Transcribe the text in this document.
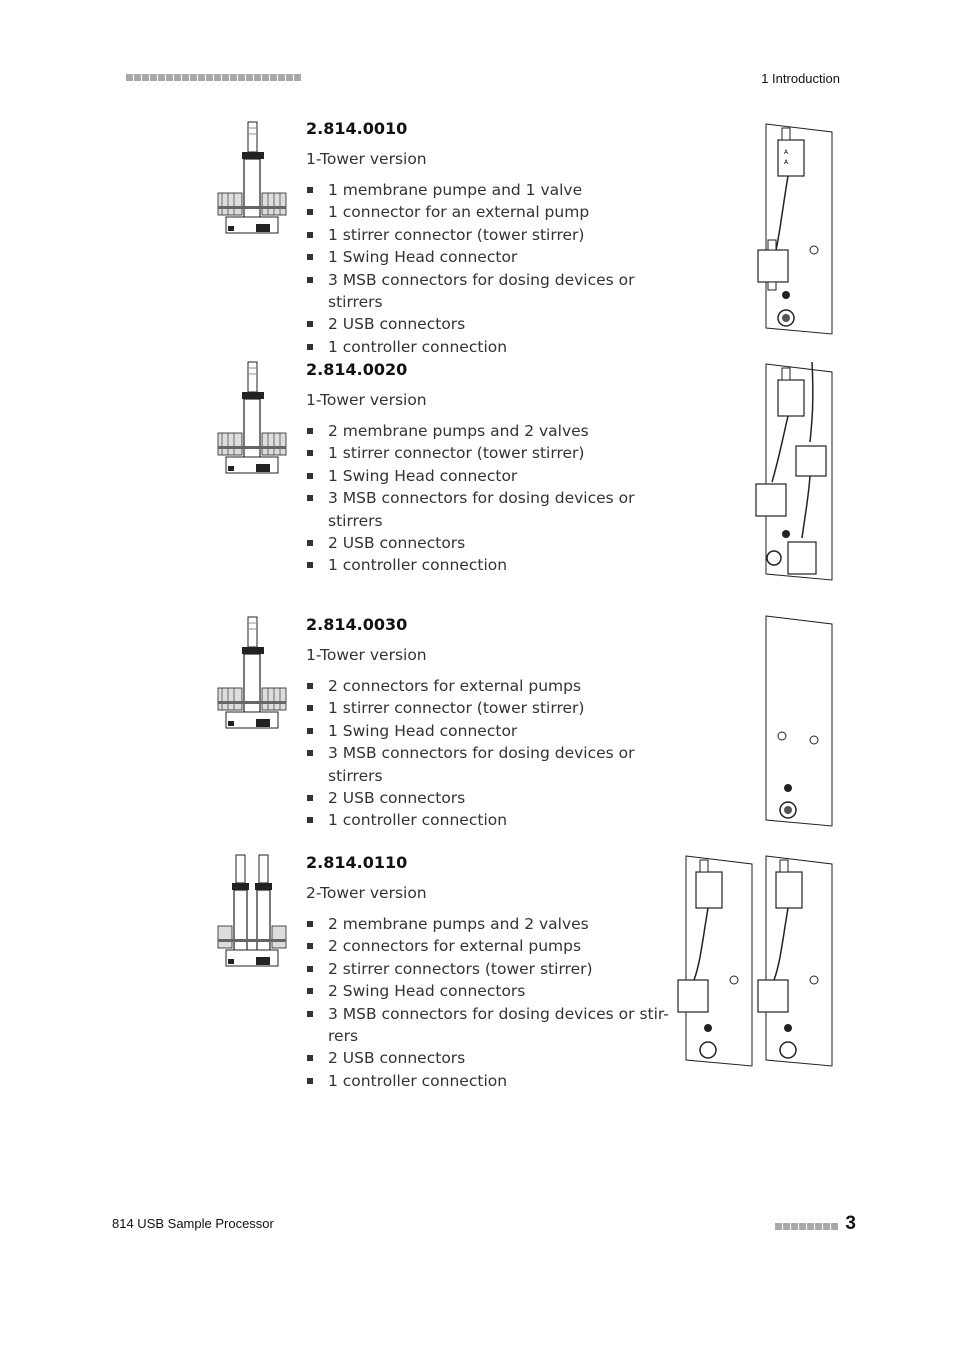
1 Introduction
2.814.0010
1-Tower version
1 membrane pumpe and 1 valve
1 connector for an external pump
1 stirrer connector (tower stirrer)
1 Swing Head connector
3 MSB connectors for dosing devices or stirrers
2 USB connectors
1 controller connection
A
A
2.814.0020
1-Tower version
2 membrane pumps and 2 valves
1 stirrer connector (tower stirrer)
1 Swing Head connector
3 MSB connectors for dosing devices or stirrers
2 USB connectors
1 controller connection
2.814.0030
1-Tower version
2 connectors for external pumps
1 stirrer connector (tower stirrer)
1 Swing Head connector
3 MSB connectors for dosing devices or stirrers
2 USB connectors
1 controller connection
2.814.0110
2-Tower version
2 membrane pumps and 2 valves
2 connectors for external pumps
2 stirrer connectors (tower stirrer)
2 Swing Head connectors
3 MSB connectors for dosing devices or stir-
rers
2 USB connectors
1 controller connection
814 USB Sample Processor	3
